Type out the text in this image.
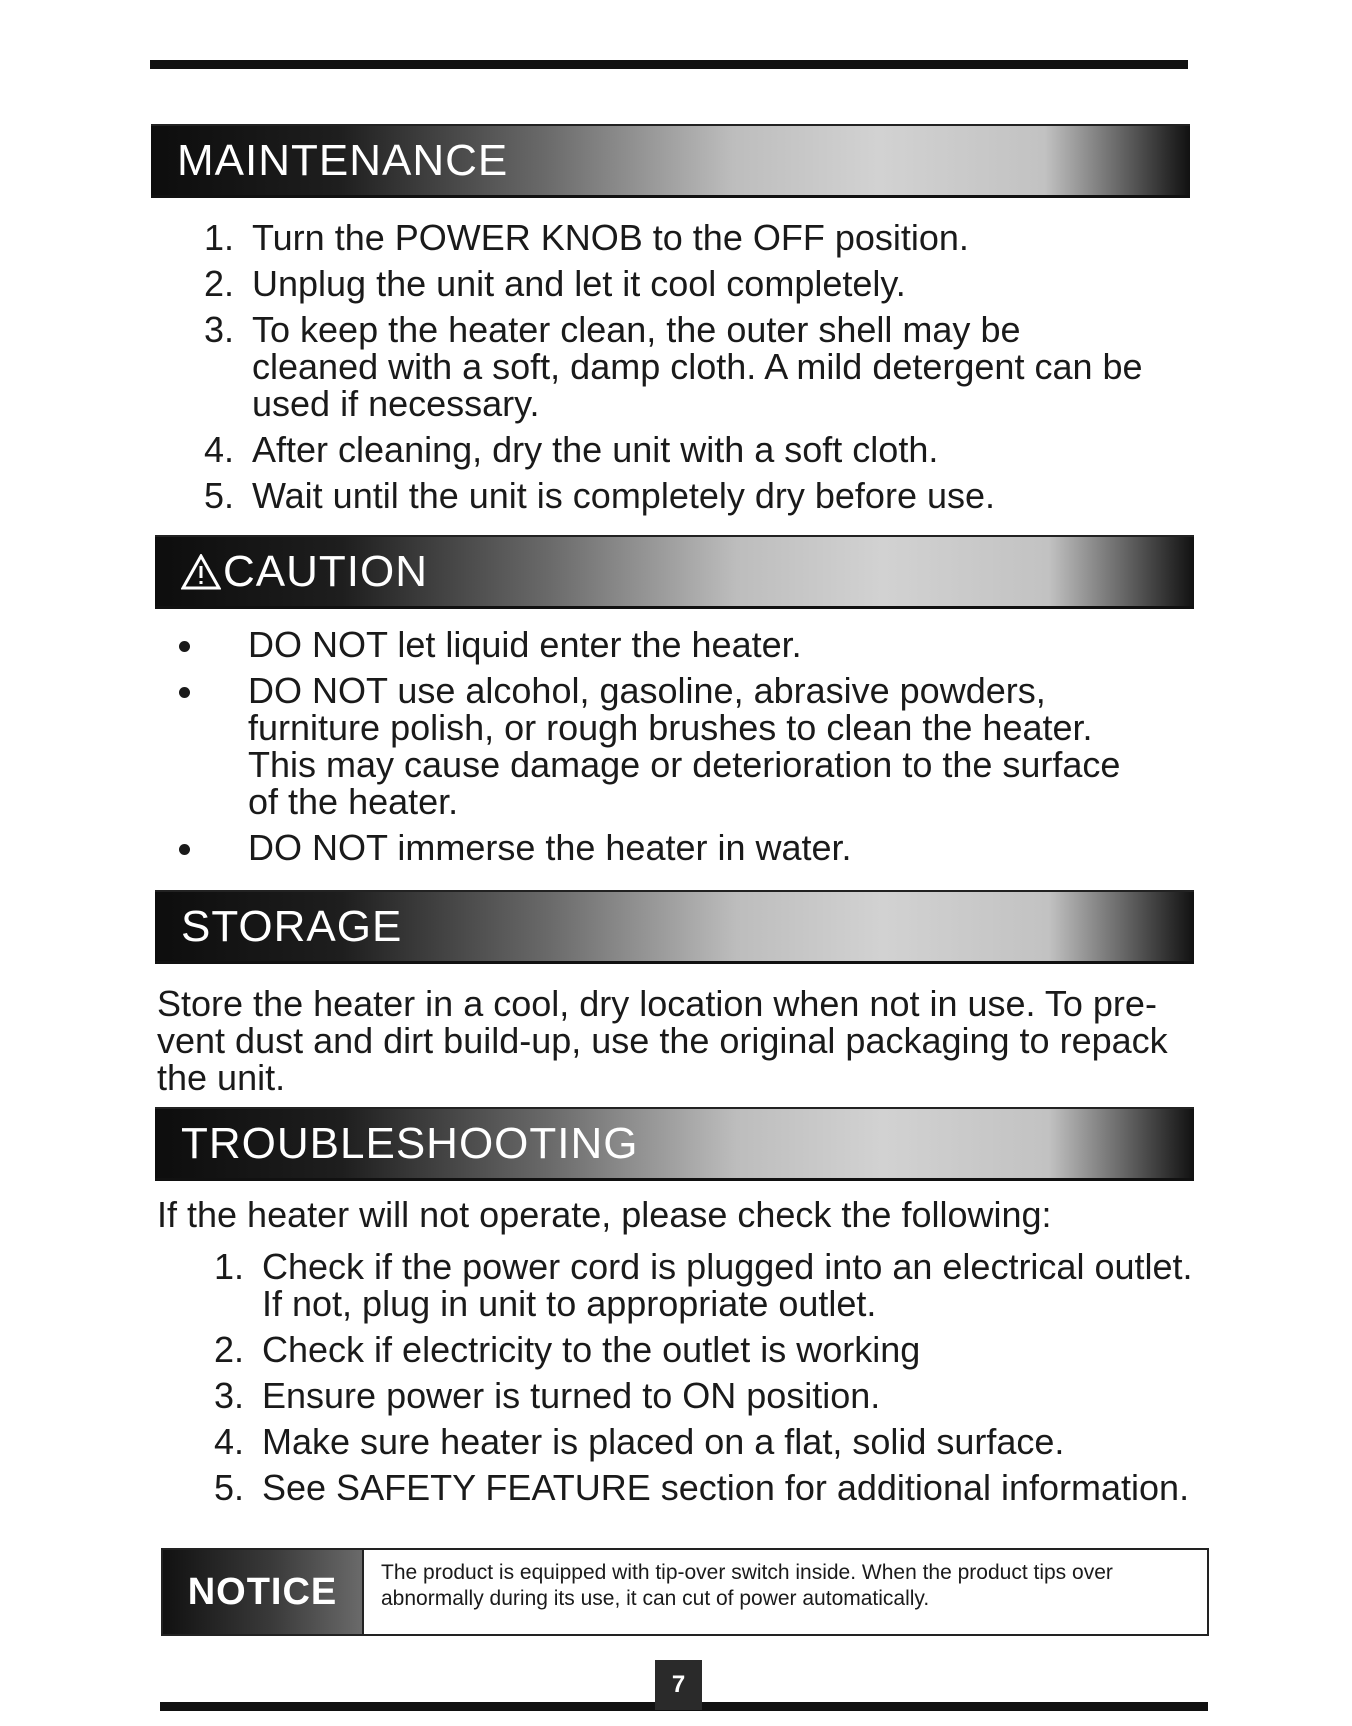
MAINTENANCE
1. Turn the POWER KNOB to the OFF position.
2. Unplug the unit and let it cool completely.
3. To keep the heater clean, the outer shell may be cleaned with a soft, damp cloth. A mild detergent can be used if necessary.
4. After cleaning, dry the unit with a soft cloth.
5. Wait until the unit is completely dry before use.
CAUTION
DO NOT let liquid enter the heater.
DO NOT use alcohol, gasoline, abrasive powders, furniture polish, or rough brushes to clean the heater. This may cause damage or deterioration to the surface of the heater.
DO NOT immerse the heater in water.
STORAGE

Store the heater in a cool, dry location when not in use. To pre-vent dust and dirt build-up, use the original packaging to repack the unit.

TROUBLESHOOTING

If the heater will not operate, please check the following:

1. Check if the power cord is plugged into an electrical outlet. If not, plug in unit to appropriate outlet.
2. Check if electricity to the outlet is working
3. Ensure power is turned to ON position.
4. Make sure heater is placed on a flat, solid surface.
5. See SAFETY FEATURE section for additional information.
NOTICE	The product is equipped with tip-over switch inside. When the product tips over abnormally during its use, it can cut of power automatically.
7
